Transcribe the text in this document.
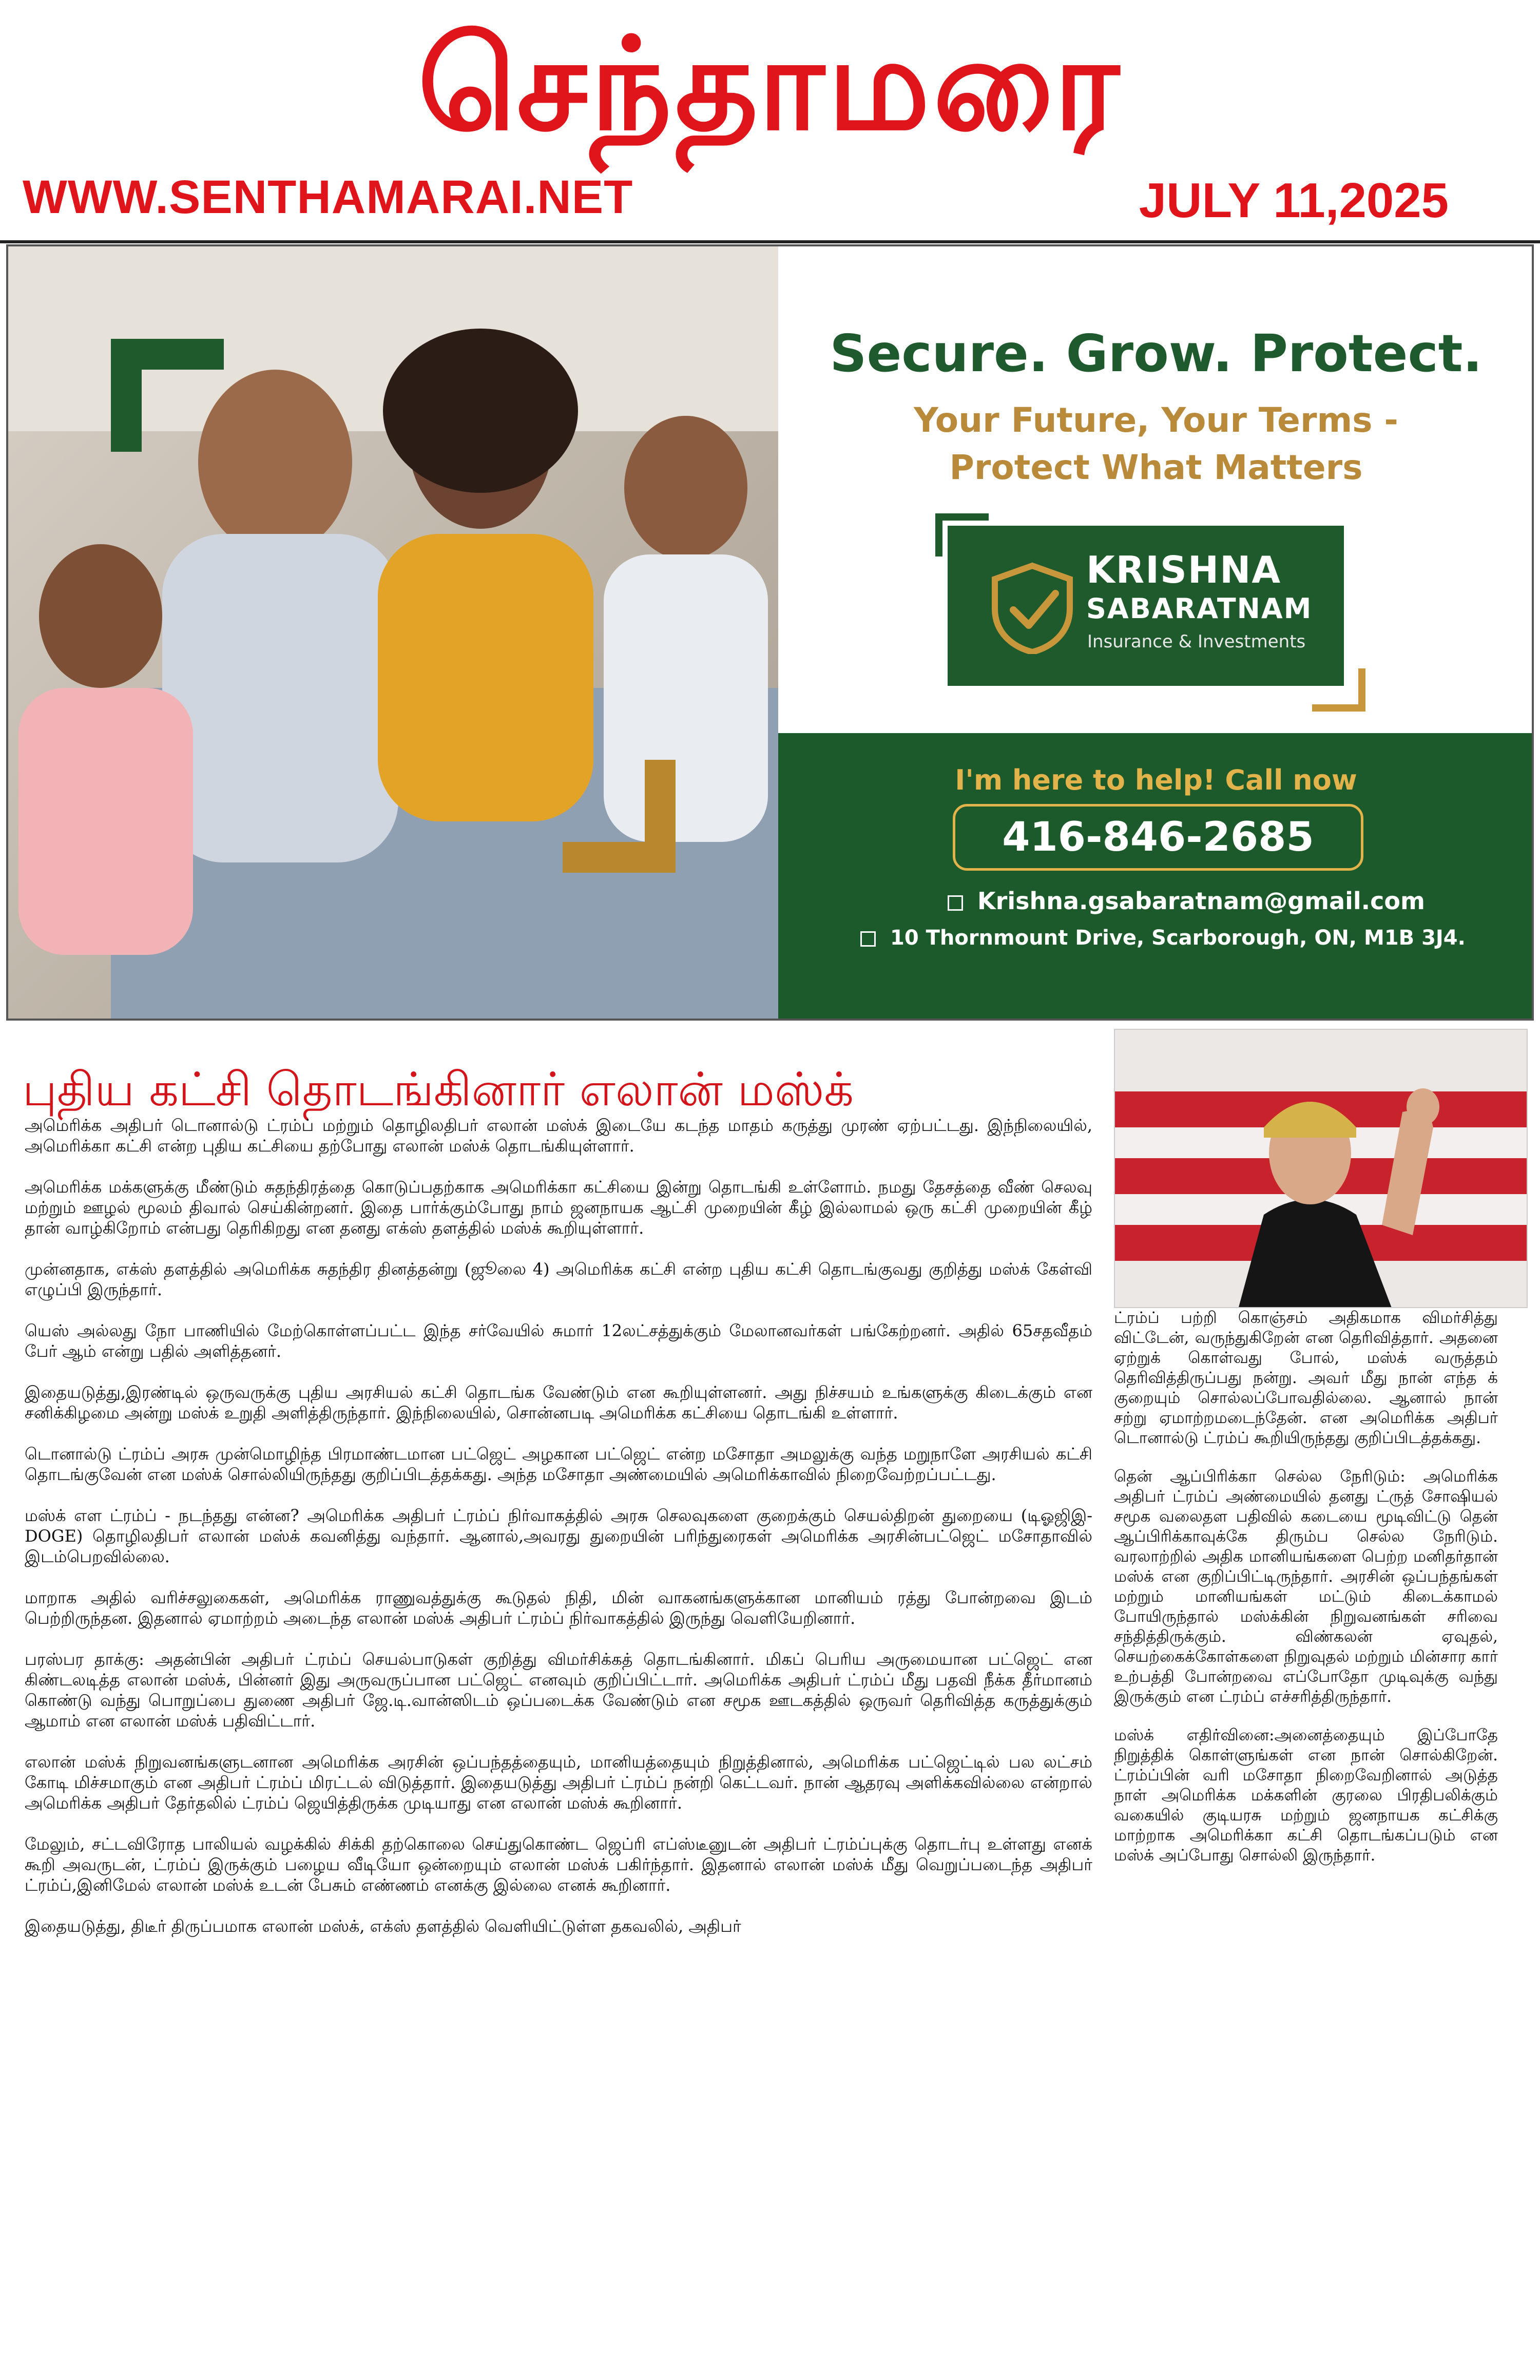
செந்தாமரை
WWW.SENTHAMARAI.NET	JULY 11,2025
Secure. Grow. Protect.
Your Future, Your Terms -
Protect What Matters
KRISHNA
SABARATNAM
Insurance & Investments
I'm here to help! Call now
416-846-2685
Krishna.gsabaratnam@gmail.com
10 Thornmount Drive, Scarborough, ON, M1B 3J4.
புதிய கட்சி தொடங்கினார் எலான் மஸ்க்

அமெரிக்க அதிபர் டொனால்டு ட்ரம்ப் மற்றும் தொழிலதிபர் எலான் மஸ்க் இடையே கடந்த மாதம் கருத்து முரண் ஏற்பட்டது. இந்நிலையில், அமெரிக்கா கட்சி என்ற புதிய கட்சியை தற்போது எலான் மஸ்க் தொடங்கியுள்ளார்.

அமெரிக்க மக்களுக்கு மீண்டும் சுதந்திரத்தை கொடுப்பதற்காக அமெரிக்கா கட்சியை இன்று தொடங்கி உள்ளோம். நமது தேசத்தை வீண் செலவு மற்றும் ஊழல் மூலம் திவால் செய்கின்றனர். இதை பார்க்கும்போது நாம் ஜனநாயக ஆட்சி முறையின் கீழ் இல்லாமல் ஒரு கட்சி முறையின் கீழ் தான் வாழ்கிறோம் என்பது தெரிகிறது என தனது எக்ஸ் தளத்தில் மஸ்க் கூறியுள்ளார்.

முன்னதாக, எக்ஸ் தளத்தில் அமெரிக்க சுதந்திர தினத்தன்று (ஜூலை 4) அமெரிக்க கட்சி என்ற புதிய கட்சி தொடங்குவது குறித்து மஸ்க் கேள்வி எழுப்பி இருந்தார்.

யெஸ் அல்லது நோ பாணியில் மேற்கொள்ளப்பட்ட இந்த சர்வேயில் சுமார் 12லட்சத்துக்கும் மேலானவர்கள் பங்கேற்றனர். அதில் 65சதவீதம் பேர் ஆம் என்று பதில் அளித்தனர்.

இதையடுத்து,இரண்டில் ஒருவருக்கு புதிய அரசியல் கட்சி தொடங்க வேண்டும் என கூறியுள்ளனர். அது நிச்சயம் உங்களுக்கு கிடைக்கும் என சனிக்கிழமை அன்று மஸ்க் உறுதி அளித்திருந்தார். இந்நிலையில், சொன்னபடி அமெரிக்க கட்சியை தொடங்கி உள்ளார்.

டொனால்டு ட்ரம்ப் அரசு முன்மொழிந்த பிரமாண்டமான பட்ஜெட் அழகான பட்ஜெட் என்ற மசோதா அமலுக்கு வந்த மறுநாளே அரசியல் கட்சி தொடங்குவேன் என மஸ்க் சொல்லியிருந்தது குறிப்பிடத்தக்கது. அந்த மசோதா அண்மையில் அமெரிக்காவில் நிறைவேற்றப்பட்டது.

மஸ்க் எள ட்ரம்ப் - நடந்தது என்ன? அமெரிக்க அதிபர் ட்ரம்ப் நிர்வாகத்தில் அரசு செலவுகளை குறைக்கும் செயல்திறன் துறையை (டிஓஜிஇ- DOGE) தொழிலதிபர் எலான் மஸ்க் கவனித்து வந்தார். ஆனால்,அவரது துறையின் பரிந்துரைகள் அமெரிக்க அரசின்பட்ஜெட் மசோதாவில் இடம்பெறவில்லை.

மாறாக அதில் வரிச்சலுகைகள், அமெரிக்க ராணுவத்துக்கு கூடுதல் நிதி, மின் வாகனங்களுக்கான மானியம் ரத்து போன்றவை இடம் பெற்றிருந்தன. இதனால் ஏமாற்றம் அடைந்த எலான் மஸ்க் அதிபர் ட்ரம்ப் நிர்வாகத்தில் இருந்து வெளியேறினார்.

பரஸ்பர தாக்கு: அதன்பின் அதிபர் ட்ரம்ப் செயல்பாடுகள் குறித்து விமர்சிக்கத் தொடங்கினார். மிகப் பெரிய அருமையான பட்ஜெட் என கிண்டலடித்த எலான் மஸ்க், பின்னர் இது அருவருப்பான பட்ஜெட் எனவும் குறிப்பிட்டார். அமெரிக்க அதிபர் ட்ரம்ப் மீது பதவி நீக்க தீர்மானம் கொண்டு வந்து பொறுப்பை துணை அதிபர் ஜே.டி.வான்ஸிடம் ஒப்படைக்க வேண்டும் என சமூக ஊடகத்தில் ஒருவர் தெரிவித்த கருத்துக்கும் ஆமாம் என எலான் மஸ்க் பதிவிட்டார்.

எலான் மஸ்க் நிறுவனங்களுடனான அமெரிக்க அரசின் ஒப்பந்தத்தையும், மானியத்தையும் நிறுத்தினால், அமெரிக்க பட்ஜெட்டில் பல லட்சம் கோடி மிச்சமாகும் என அதிபர் ட்ரம்ப் மிரட்டல் விடுத்தார். இதையடுத்து அதிபர் ட்ரம்ப் நன்றி கெட்டவர். நான் ஆதரவு அளிக்கவில்லை என்றால் அமெரிக்க அதிபர் தேர்தலில் ட்ரம்ப் ஜெயித்திருக்க முடியாது என எலான் மஸ்க் கூறினார்.

மேலும், சட்டவிரோத பாலியல் வழக்கில் சிக்கி தற்கொலை செய்துகொண்ட ஜெப்ரி எப்ஸ்டீனுடன் அதிபர் ட்ரம்ப்புக்கு தொடர்பு உள்ளது எனக் கூறி அவருடன், ட்ரம்ப் இருக்கும் பழைய வீடியோ ஒன்றையும் எலான் மஸ்க் பகிர்ந்தார். இதனால் எலான் மஸ்க் மீது வெறுப்படைந்த அதிபர் ட்ரம்ப்,இனிமேல் எலான் மஸ்க் உடன் பேசும் எண்ணம் எனக்கு இல்லை எனக் கூறினார்.

இதையடுத்து, திடீர் திருப்பமாக எலான் மஸ்க், எக்ஸ் தளத்தில் வெளியிட்டுள்ள தகவலில், அதிபர்

ட்ரம்ப் பற்றி கொஞ்சம் அதிகமாக விமர்சித்து விட்டேன், வருந்துகிறேன் என தெரிவித்தார். அதனை ஏற்றுக் கொள்வது போல், மஸ்க் வருத்தம் தெரிவித்திருப்பது நன்று. அவர் மீது நான் எந்த க் குறையும் சொல்லப்போவதில்லை. ஆனால் நான் சற்று ஏமாற்றமடைந்தேன். என அமெரிக்க அதிபர் டொனால்டு ட்ரம்ப் கூறியிருந்தது குறிப்பிடத்தக்கது.

தென் ஆப்பிரிக்கா செல்ல நேரிடும்: அமெரிக்க அதிபர் ட்ரம்ப் அண்மையில் தனது ட்ருத் சோஷியல் சமூக வலைதள பதிவில் கடையை மூடிவிட்டு தென் ஆப்பிரிக்காவுக்கே திரும்ப செல்ல நேரிடும். வரலாற்றில் அதிக மானியங்களை பெற்ற மனிதர்தான் மஸ்க் என குறிப்பிட்டிருந்தார். அரசின் ஒப்பந்தங்கள் மற்றும் மானியங்கள் மட்டும் கிடைக்காமல் போயிருந்தால் மஸ்க்கின் நிறுவனங்கள் சரிவை சந்தித்திருக்கும். விண்கலன் ஏவுதல், செயற்கைக்கோள்களை நிறுவுதல் மற்றும் மின்சார கார் உற்பத்தி போன்றவை எப்போதோ முடிவுக்கு வந்து இருக்கும் என ட்ரம்ப் எச்சரித்திருந்தார்.

மஸ்க் எதிர்வினை:அனைத்தையும் இப்போதே நிறுத்திக் கொள்ளுங்கள் என நான் சொல்கிறேன். ட்ரம்ப்பின் வரி மசோதா நிறைவேறினால் அடுத்த நாள் அமெரிக்க மக்களின் குரலை பிரதிபலிக்கும் வகையில் குடியரசு மற்றும் ஜனநாயக கட்சிக்கு மாற்றாக அமெரிக்கா கட்சி தொடங்கப்படும் என மஸ்க் அப்போது சொல்லி இருந்தார்.
